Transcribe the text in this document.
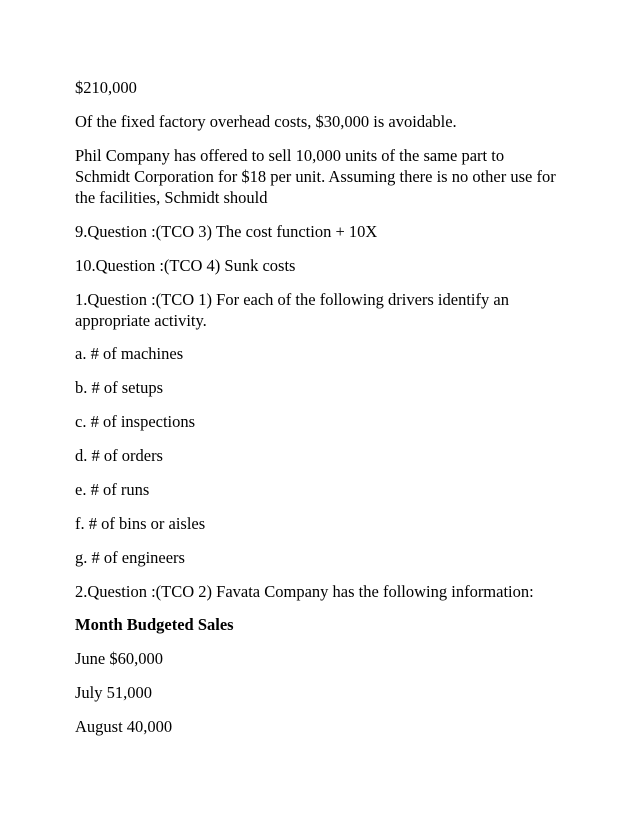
$210,000
Of the fixed factory overhead costs, $30,000 is avoidable.
Phil Company has offered to sell 10,000 units of the same part to
Schmidt Corporation for $18 per unit. Assuming there is no other use for
the facilities, Schmidt should
9.Question :(TCO 3) The cost function + 10X
10.Question :(TCO 4) Sunk costs
1.Question :(TCO 1) For each of the following drivers identify an
appropriate activity.
a. # of machines
b. # of setups
c. # of inspections
d. # of orders
e. # of runs
f. # of bins or aisles
g. # of engineers
2.Question :(TCO 2) Favata Company has the following information:
Month Budgeted Sales
June $60,000
July 51,000
August 40,000
